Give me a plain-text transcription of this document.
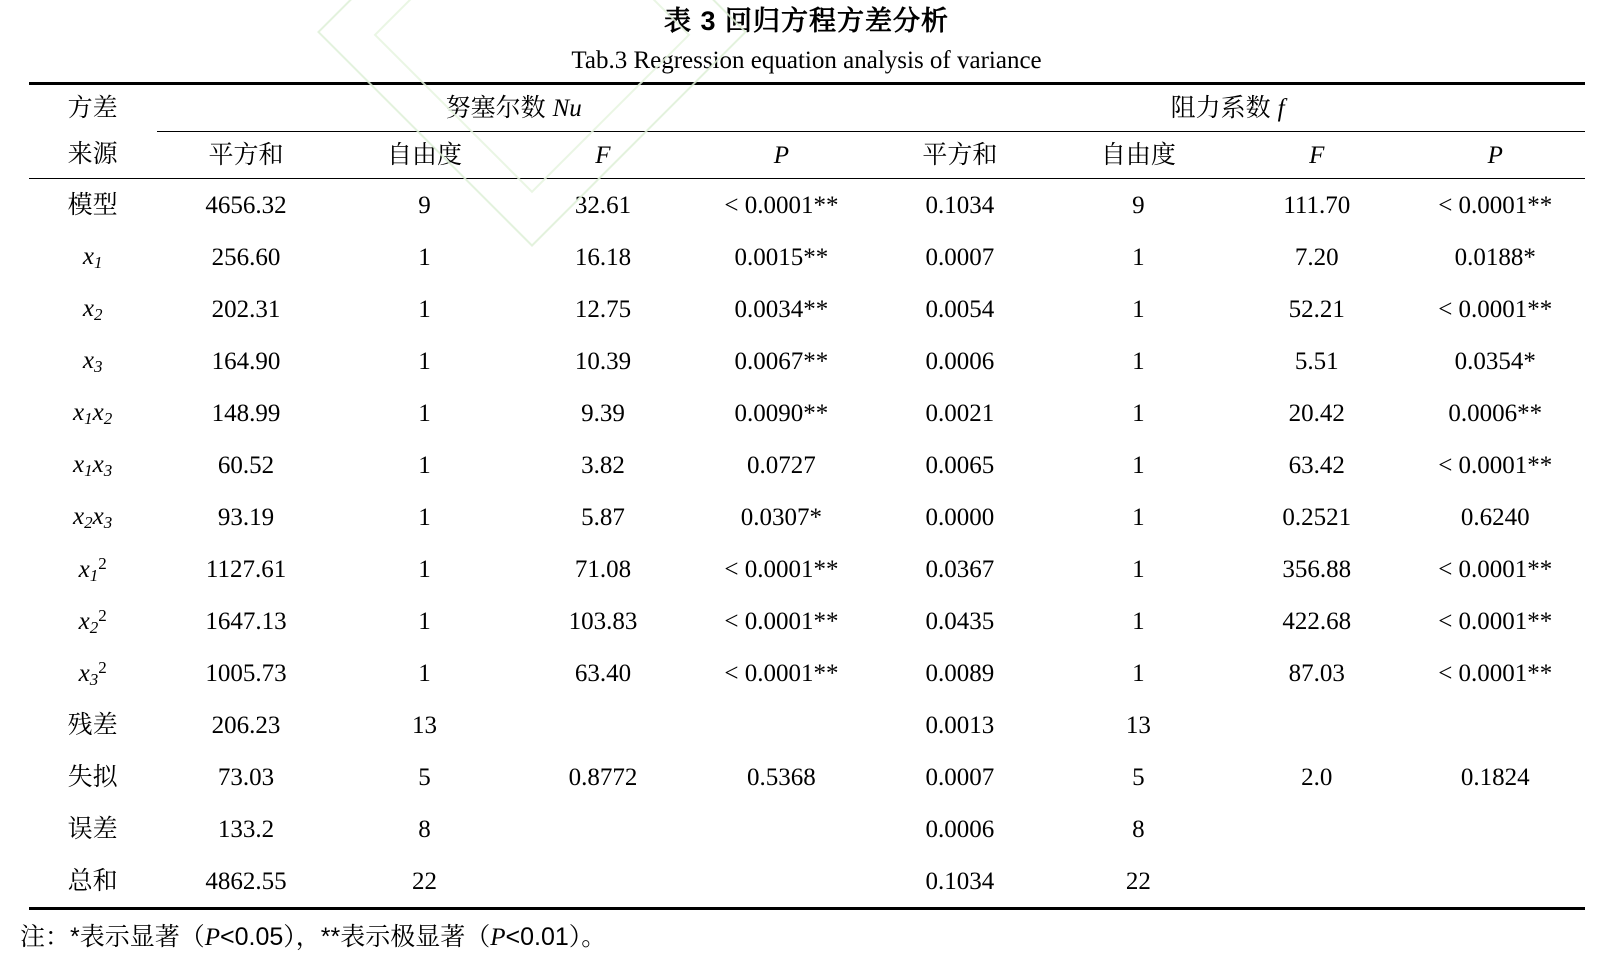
表 3 回归方程方差分析
Tab.3 Regression equation analysis of variance
方差	努塞尔数 Nu				阻力系数 f			
来源	平方和	自由度	F	P	平方和	自由度	F	P
模型	4656.32	9	32.61	< 0.0001**	0.1034	9	111.70	< 0.0001**
$x_1$	256.60	1	16.18	0.0015**	0.0007	1	7.20	0.0188*
$x_2$	202.31	1	12.75	0.0034**	0.0054	1	52.21	< 0.0001**
$x_3$	164.90	1	10.39	0.0067**	0.0006	1	5.51	0.0354*
$x_1x_2$	148.99	1	9.39	0.0090**	0.0021	1	20.42	0.0006**
$x_1x_3$	60.52	1	3.82	0.0727	0.0065	1	63.42	< 0.0001**
$x_2x_3$	93.19	1	5.87	0.0307*	0.0000	1	0.2521	0.6240
$x_1^2$	1127.61	1	71.08	< 0.0001**	0.0367	1	356.88	< 0.0001**
$x_2^2$	1647.13	1	103.83	< 0.0001**	0.0435	1	422.68	< 0.0001**
$x_3^2$	1005.73	1	63.40	< 0.0001**	0.0089	1	87.03	< 0.0001**
残差	206.23	13			0.0013	13		
失拟	73.03	5	0.8772	0.5368	0.0007	5	2.0	0.1824
误差	133.2	8			0.0006	8		
总和	4862.55	22			0.1034	22		
注：*表示显著（P<0.05），**表示极显著（P<0.01）。
